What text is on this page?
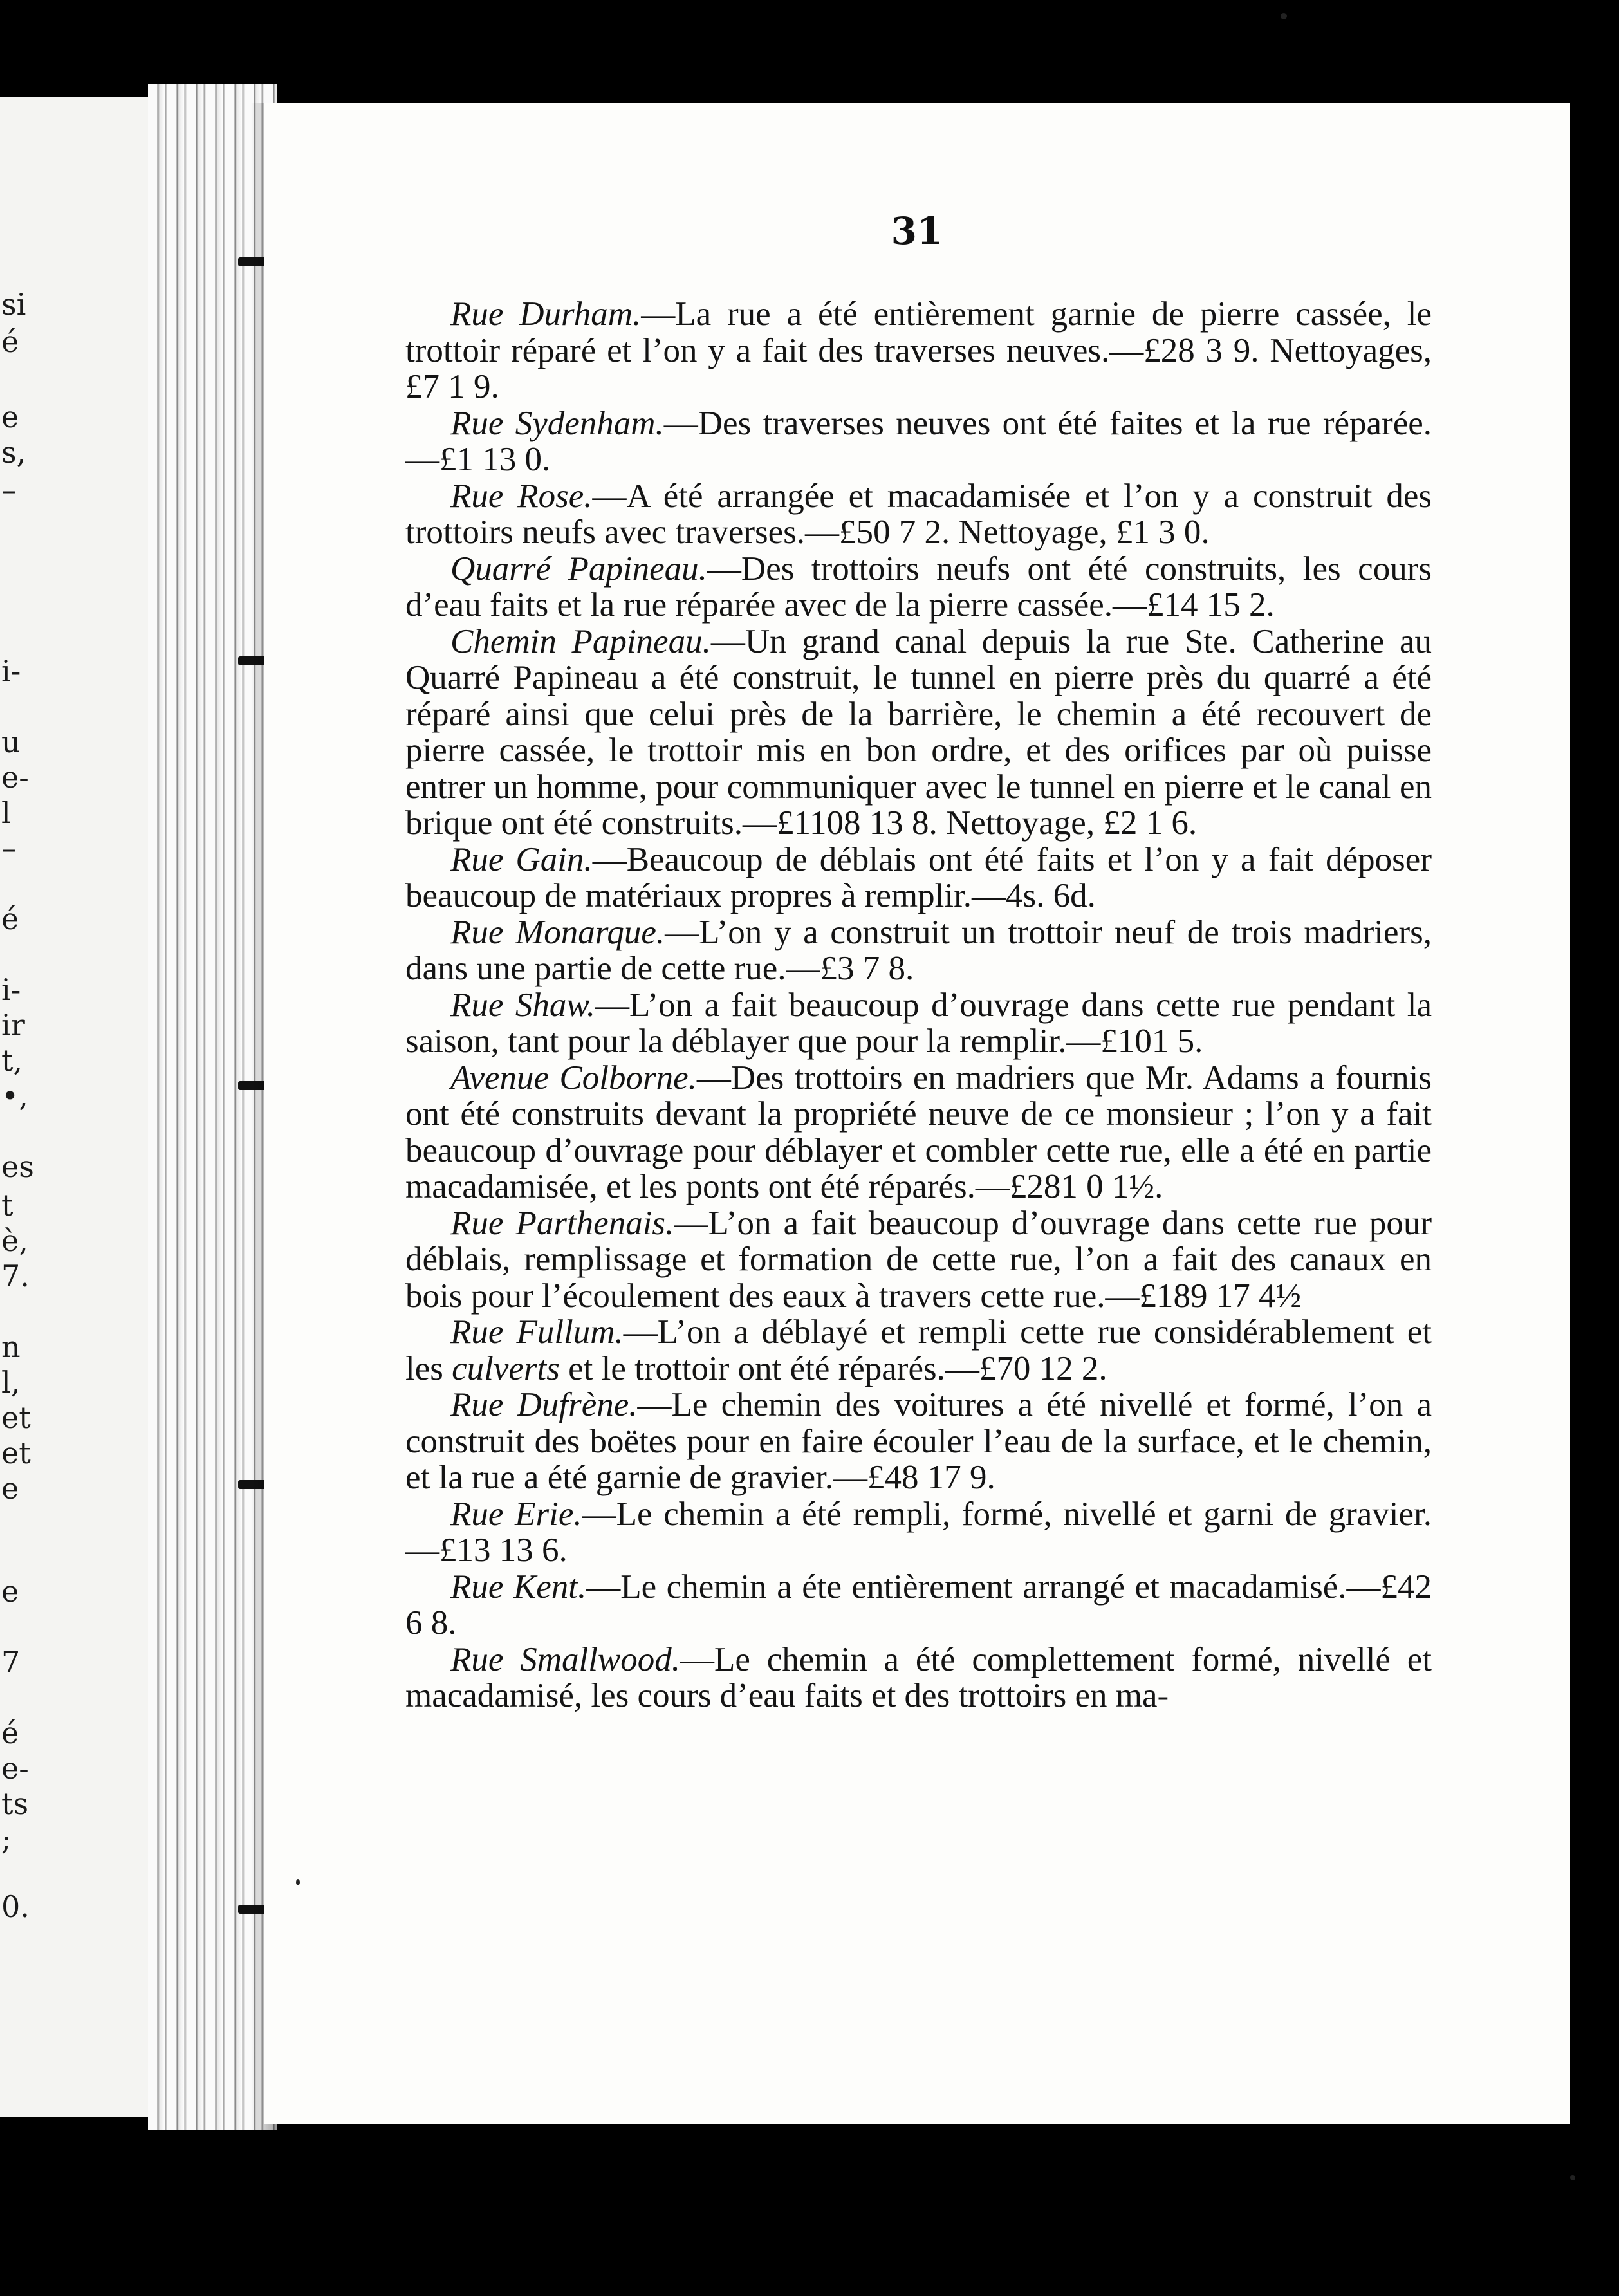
si
é
e
s,
–
i-
u
e-
l
–
é
i-
ir
t,
•,
es
t
è,
7.
n
l,
et
et
e
e
7
é
e-
ts
;
0.
31

Rue Durham.—La rue a été entièrement garnie de pierre cassée, le trottoir réparé et l’on y a fait des traverses neuves.—£28 3 9. Nettoyages, £7 1 9.

Rue Sydenham.—Des traverses neuves ont été faites et la rue réparée.—£1 13 0.

Rue Rose.—A été arrangée et macadamisée et l’on y a construit des trottoirs neufs avec traverses.—£50 7 2. Nettoyage, £1 3 0.

Quarré Papineau.—Des trottoirs neufs ont été construits, les cours d’eau faits et la rue réparée avec de la pierre cassée.—£14 15 2.

Chemin Papineau.—Un grand canal depuis la rue Ste. Catherine au Quarré Papineau a été construit, le tunnel en pierre près du quarré a été réparé ainsi que celui près de la barrière, le chemin a été recouvert de pierre cassée, le trottoir mis en bon ordre, et des orifices par où puisse entrer un homme, pour communiquer avec le tunnel en pierre et le canal en brique ont été construits.—£1108 13 8. Nettoyage, £2 1 6.

Rue Gain.—Beaucoup de déblais ont été faits et l’on y a fait déposer beaucoup de matériaux propres à remplir.—4s. 6d.

Rue Monarque.—L’on y a construit un trottoir neuf de trois madriers, dans une partie de cette rue.—£3 7 8.

Rue Shaw.—L’on a fait beaucoup d’ouvrage dans cette rue pendant la saison, tant pour la déblayer que pour la remplir.—£101 5.

Avenue Colborne.—Des trottoirs en madriers que Mr. Adams a fournis ont été construits devant la propriété neuve de ce monsieur ; l’on y a fait beaucoup d’ouvrage pour déblayer et combler cette rue, elle a été en partie macadamisée, et les ponts ont été réparés.—£281 0 1½.

Rue Parthenais.—L’on a fait beaucoup d’ouvrage dans cette rue pour déblais, remplissage et formation de cette rue, l’on a fait des canaux en bois pour l’écoulement des eaux à travers cette rue.—£189 17 4½

Rue Fullum.—L’on a déblayé et rempli cette rue considérablement et les culverts et le trottoir ont été réparés.—£70 12 2.

Rue Dufrène.—Le chemin des voitures a été nivellé et formé, l’on a construit des boëtes pour en faire écouler l’eau de la surface, et le chemin, et la rue a été garnie de gravier.—£48 17 9.

Rue Erie.—Le chemin a été rempli, formé, nivellé et garni de gravier.—£13 13 6.

Rue Kent.—Le chemin a éte entièrement arrangé et macadamisé.—£42 6 8.

Rue Smallwood.—Le chemin a été complettement formé, nivellé et macadamisé, les cours d’eau faits et des trottoirs en ma-
